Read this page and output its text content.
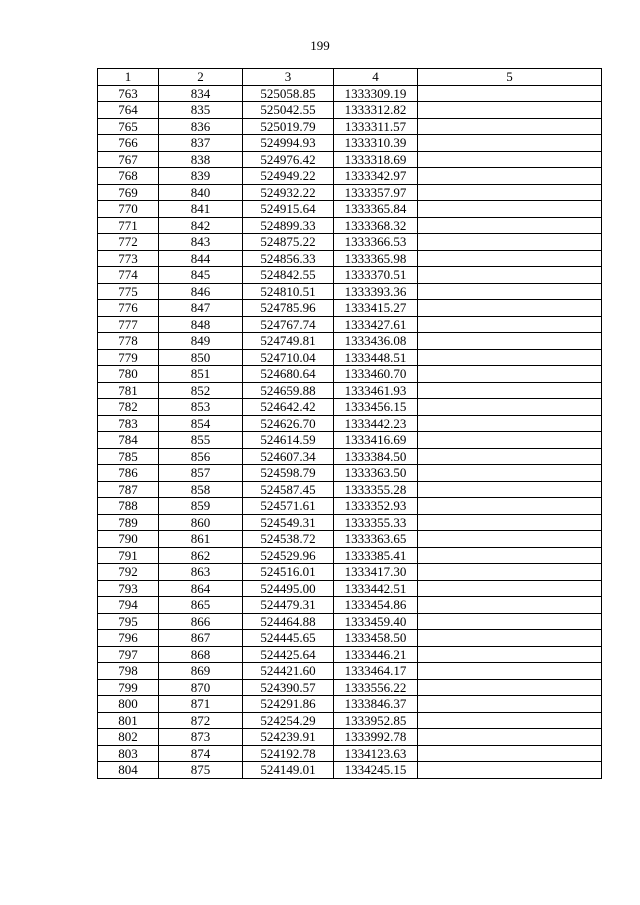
199
1	2	3	4	5
763	834	525058.85	1333309.19	
764	835	525042.55	1333312.82	
765	836	525019.79	1333311.57	
766	837	524994.93	1333310.39	
767	838	524976.42	1333318.69	
768	839	524949.22	1333342.97	
769	840	524932.22	1333357.97	
770	841	524915.64	1333365.84	
771	842	524899.33	1333368.32	
772	843	524875.22	1333366.53	
773	844	524856.33	1333365.98	
774	845	524842.55	1333370.51	
775	846	524810.51	1333393.36	
776	847	524785.96	1333415.27	
777	848	524767.74	1333427.61	
778	849	524749.81	1333436.08	
779	850	524710.04	1333448.51	
780	851	524680.64	1333460.70	
781	852	524659.88	1333461.93	
782	853	524642.42	1333456.15	
783	854	524626.70	1333442.23	
784	855	524614.59	1333416.69	
785	856	524607.34	1333384.50	
786	857	524598.79	1333363.50	
787	858	524587.45	1333355.28	
788	859	524571.61	1333352.93	
789	860	524549.31	1333355.33	
790	861	524538.72	1333363.65	
791	862	524529.96	1333385.41	
792	863	524516.01	1333417.30	
793	864	524495.00	1333442.51	
794	865	524479.31	1333454.86	
795	866	524464.88	1333459.40	
796	867	524445.65	1333458.50	
797	868	524425.64	1333446.21	
798	869	524421.60	1333464.17	
799	870	524390.57	1333556.22	
800	871	524291.86	1333846.37	
801	872	524254.29	1333952.85	
802	873	524239.91	1333992.78	
803	874	524192.78	1334123.63	
804	875	524149.01	1334245.15	
